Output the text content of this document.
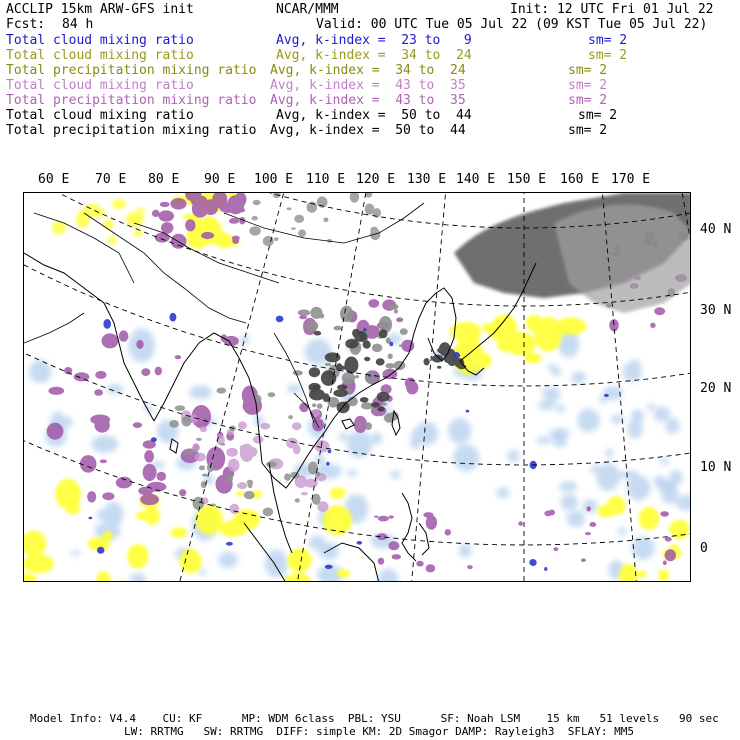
ACCLIP 15km ARW-GFS init	NCAR/MMM	Init: 12 UTC Fri 01 Jul 22
Fcst: 84 h	Valid: 00 UTC Tue 05 Jul 22 (09 KST Tue 05 Jul 22)
Total cloud mixing ratio	Avg, k-index =  23 to   9	sm= 2
Total cloud mixing ratio	Avg, k-index =  34 to  24	sm= 2
Total precipitation mixing ratio Avg, k-index =  34 to  24	sm= 2
Total cloud mixing ratio	Avg, k-index =  43 to  35	sm= 2
Total precipitation mixing ratio Avg, k-index =  43 to  35	sm= 2
Total cloud mixing ratio	Avg, k-index =  50 to  44	sm= 2
Total precipitation mixing ratio Avg, k-index =  50 to  44	sm= 2
60 E 70 E 80 E 90 E 100 E 110 E 120 E 130 E 140 E 150 E 160 E 170 E
40 N
30 N
20 N
10 N
0
Model Info: V4.4    CU: KF      MP: WDM 6class  PBL: YSU      SF: Noah LSM    15 km   51 levels   90 sec
LW: RRTMG   SW: RRTMG  DIFF: simple KM: 2D Smagor DAMP: Rayleigh3  SFLAY: MM5
